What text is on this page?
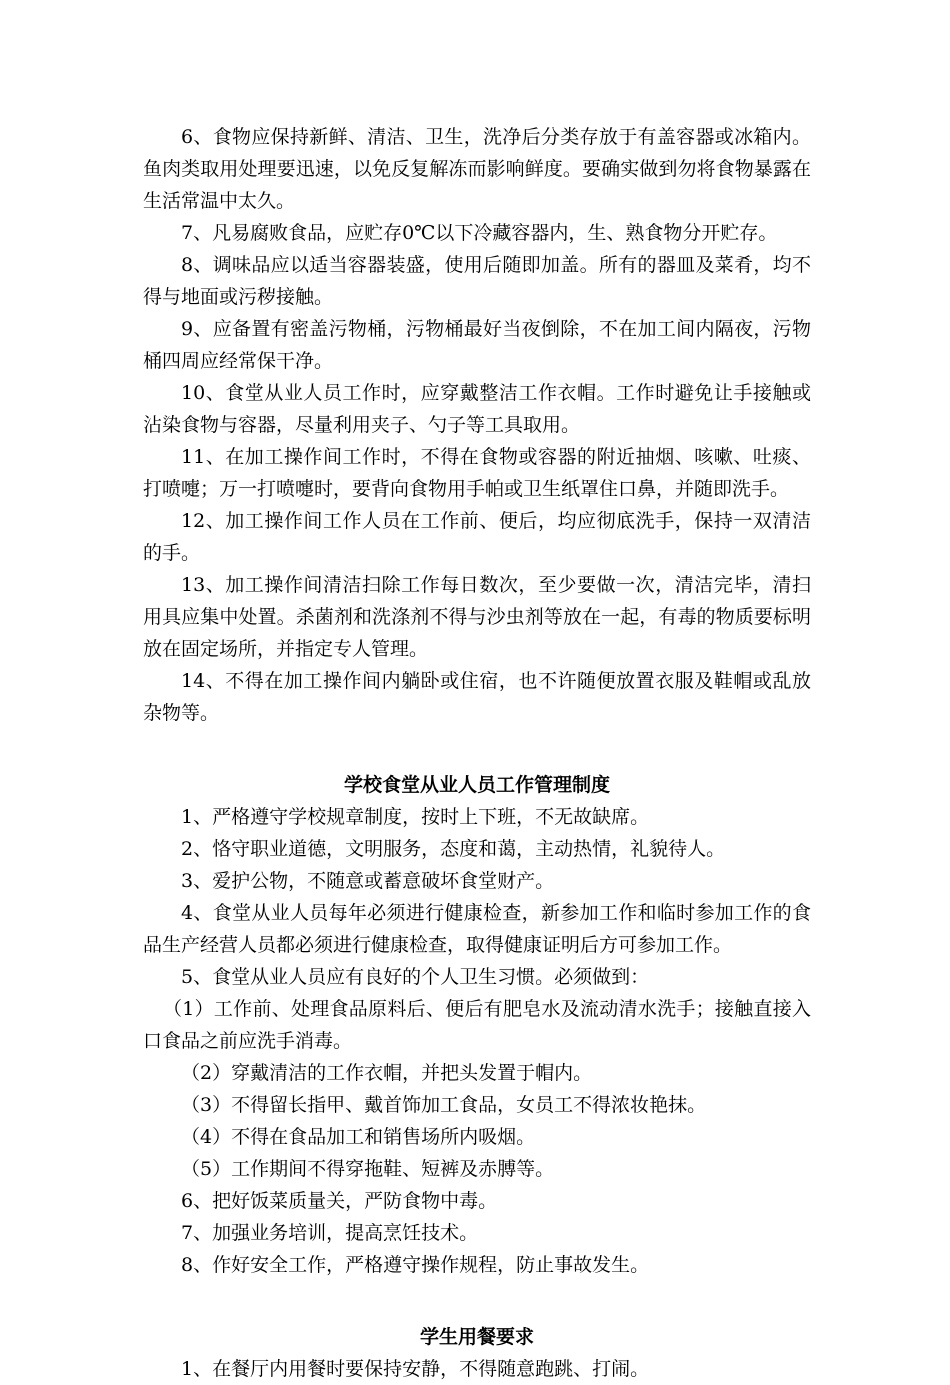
6、食物应保持新鲜、清洁、卫生，洗净后分类存放于有盖容器或冰箱内。鱼肉类取用处理要迅速，以免反复解冻而影响鲜度。要确实做到勿将食物暴露在生活常温中太久。

7、凡易腐败食品，应贮存0℃以下冷藏容器内，生、熟食物分开贮存。

8、调味品应以适当容器装盛，使用后随即加盖。所有的器皿及菜肴，均不得与地面或污秽接触。

9、应备置有密盖污物桶，污物桶最好当夜倒除，不在加工间内隔夜，污物桶四周应经常保干净。

10、食堂从业人员工作时，应穿戴整洁工作衣帽。工作时避免让手接触或沾染食物与容器，尽量利用夹子、勺子等工具取用。

11、在加工操作间工作时，不得在食物或容器的附近抽烟、咳嗽、吐痰、打喷嚏；万一打喷嚏时，要背向食物用手帕或卫生纸罩住口鼻，并随即洗手。

12、加工操作间工作人员在工作前、便后，均应彻底洗手，保持一双清洁的手。

13、加工操作间清洁扫除工作每日数次，至少要做一次，清洁完毕，清扫用具应集中处置。杀菌剂和洗涤剂不得与沙虫剂等放在一起，有毒的物质要标明放在固定场所，并指定专人管理。

14、不得在加工操作间内躺卧或住宿，也不许随便放置衣服及鞋帽或乱放杂物等。

学校食堂从业人员工作管理制度

1、严格遵守学校规章制度，按时上下班，不无故缺席。

2、恪守职业道德，文明服务，态度和蔼，主动热情，礼貌待人。

3、爱护公物，不随意或蓄意破坏食堂财产。

4、食堂从业人员每年必须进行健康检查，新参加工作和临时参加工作的食品生产经营人员都必须进行健康检查，取得健康证明后方可参加工作。

5、食堂从业人员应有良好的个人卫生习惯。必须做到：

（1）工作前、处理食品原料后、便后有肥皂水及流动清水洗手；接触直接入口食品之前应洗手消毒。

（2）穿戴清洁的工作衣帽，并把头发置于帽内。

（3）不得留长指甲、戴首饰加工食品，女员工不得浓妆艳抹。

（4）不得在食品加工和销售场所内吸烟。

（5）工作期间不得穿拖鞋、短裤及赤膊等。

6、把好饭菜质量关，严防食物中毒。

7、加强业务培训，提高烹饪技术。

8、作好安全工作，严格遵守操作规程，防止事故发生。

学生用餐要求

1、在餐厅内用餐时要保持安静，不得随意跑跳、打闹。
